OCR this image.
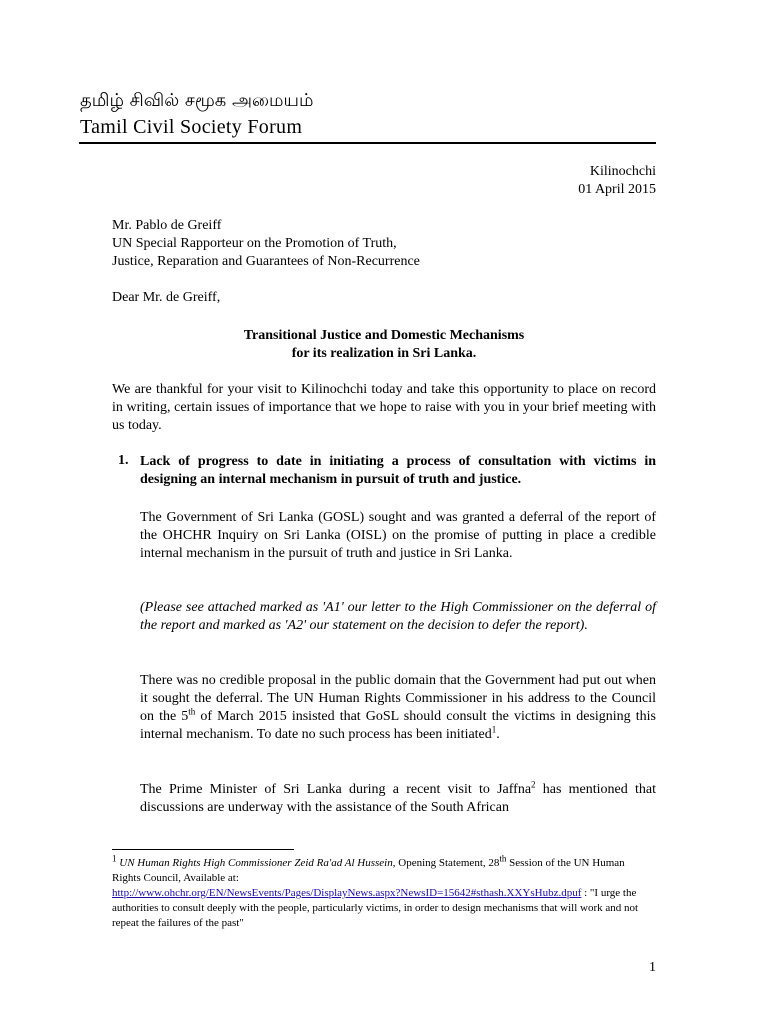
தமிழ் சிவில் சமூக அமையம்
Tamil Civil Society Forum
Kilinochchi
01 April 2015
Mr. Pablo de Greiff
UN Special Rapporteur on the Promotion of Truth,
Justice, Reparation and Guarantees of Non-Recurrence
Dear Mr. de Greiff,
Transitional Justice and Domestic Mechanisms
for its realization in Sri Lanka.
We are thankful for your visit to Kilinochchi today and take this opportunity to place on record in writing, certain issues of importance that we hope to raise with you in your brief meeting with us today.
1. Lack of progress to date in initiating a process of consultation with victims in designing an internal mechanism in pursuit of truth and justice.
The Government of Sri Lanka (GOSL) sought and was granted a deferral of the report of the OHCHR Inquiry on Sri Lanka (OISL) on the promise of putting in place a credible internal mechanism in the pursuit of truth and justice in Sri Lanka.
(Please see attached marked as 'A1' our letter to the High Commissioner on the deferral of the report and marked as 'A2' our statement on the decision to defer the report).
There was no credible proposal in the public domain that the Government had put out when it sought the deferral. The UN Human Rights Commissioner in his address to the Council on the 5th of March 2015 insisted that GoSL should consult the victims in designing this internal mechanism. To date no such process has been initiated$^1$.
The Prime Minister of Sri Lanka during a recent visit to Jaffna$^2$ has mentioned that discussions are underway with the assistance of the South African
$^1$ UN Human Rights High Commissioner Zeid Ra'ad Al Hussein, Opening Statement, 28th Session of the UN Human Rights Council, Available at:
http://www.ohchr.org/EN/NewsEvents/Pages/DisplayNews.aspx?NewsID=15642#sthash.XXYsHubz.dpuf : "I urge the authorities to consult deeply with the people, particularly victims, in order to design mechanisms that will work and not repeat the failures of the past"
1
